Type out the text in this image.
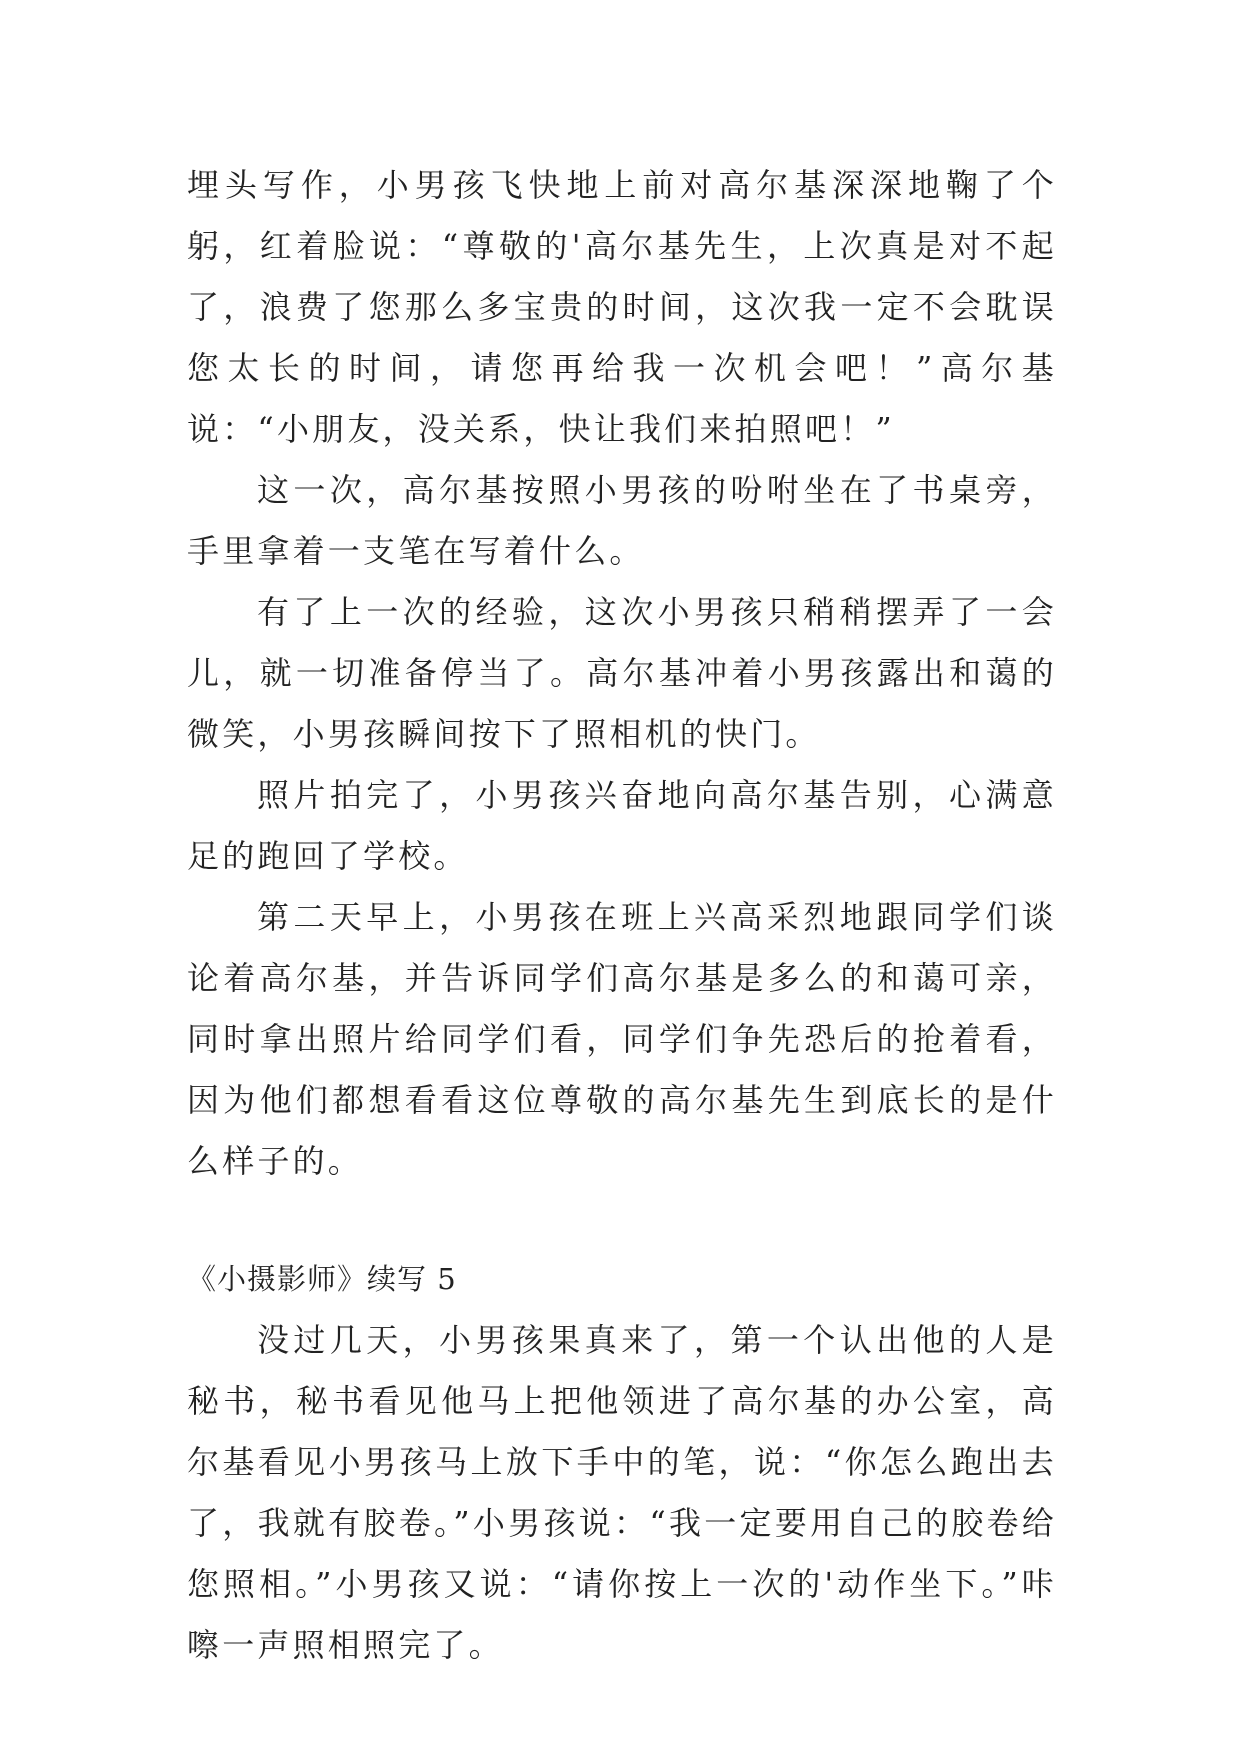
埋头写作，小男孩飞快地上前对高尔基深深地鞠了个躬，红着脸说：“尊敬的'高尔基先生，上次真是对不起了，浪费了您那么多宝贵的时间，这次我一定不会耽误您太长的时间，请您再给我一次机会吧！”高尔基说：“小朋友，没关系，快让我们来拍照吧！”

这一次，高尔基按照小男孩的吩咐坐在了书桌旁，手里拿着一支笔在写着什么。

有了上一次的经验，这次小男孩只稍稍摆弄了一会儿，就一切准备停当了。高尔基冲着小男孩露出和蔼的微笑，小男孩瞬间按下了照相机的快门。

照片拍完了，小男孩兴奋地向高尔基告别，心满意足的跑回了学校。

第二天早上，小男孩在班上兴高采烈地跟同学们谈论着高尔基，并告诉同学们高尔基是多么的和蔼可亲，同时拿出照片给同学们看，同学们争先恐后的抢着看，因为他们都想看看这位尊敬的高尔基先生到底长的是什么样子的。

《小摄影师》续写 5

没过几天，小男孩果真来了，第一个认出他的人是秘书，秘书看见他马上把他领进了高尔基的办公室，高尔基看见小男孩马上放下手中的笔，说：“你怎么跑出去了，我就有胶卷。”小男孩说：“我一定要用自己的胶卷给您照相。”小男孩又说：“请你按上一次的'动作坐下。”咔嚓一声照相照完了。
